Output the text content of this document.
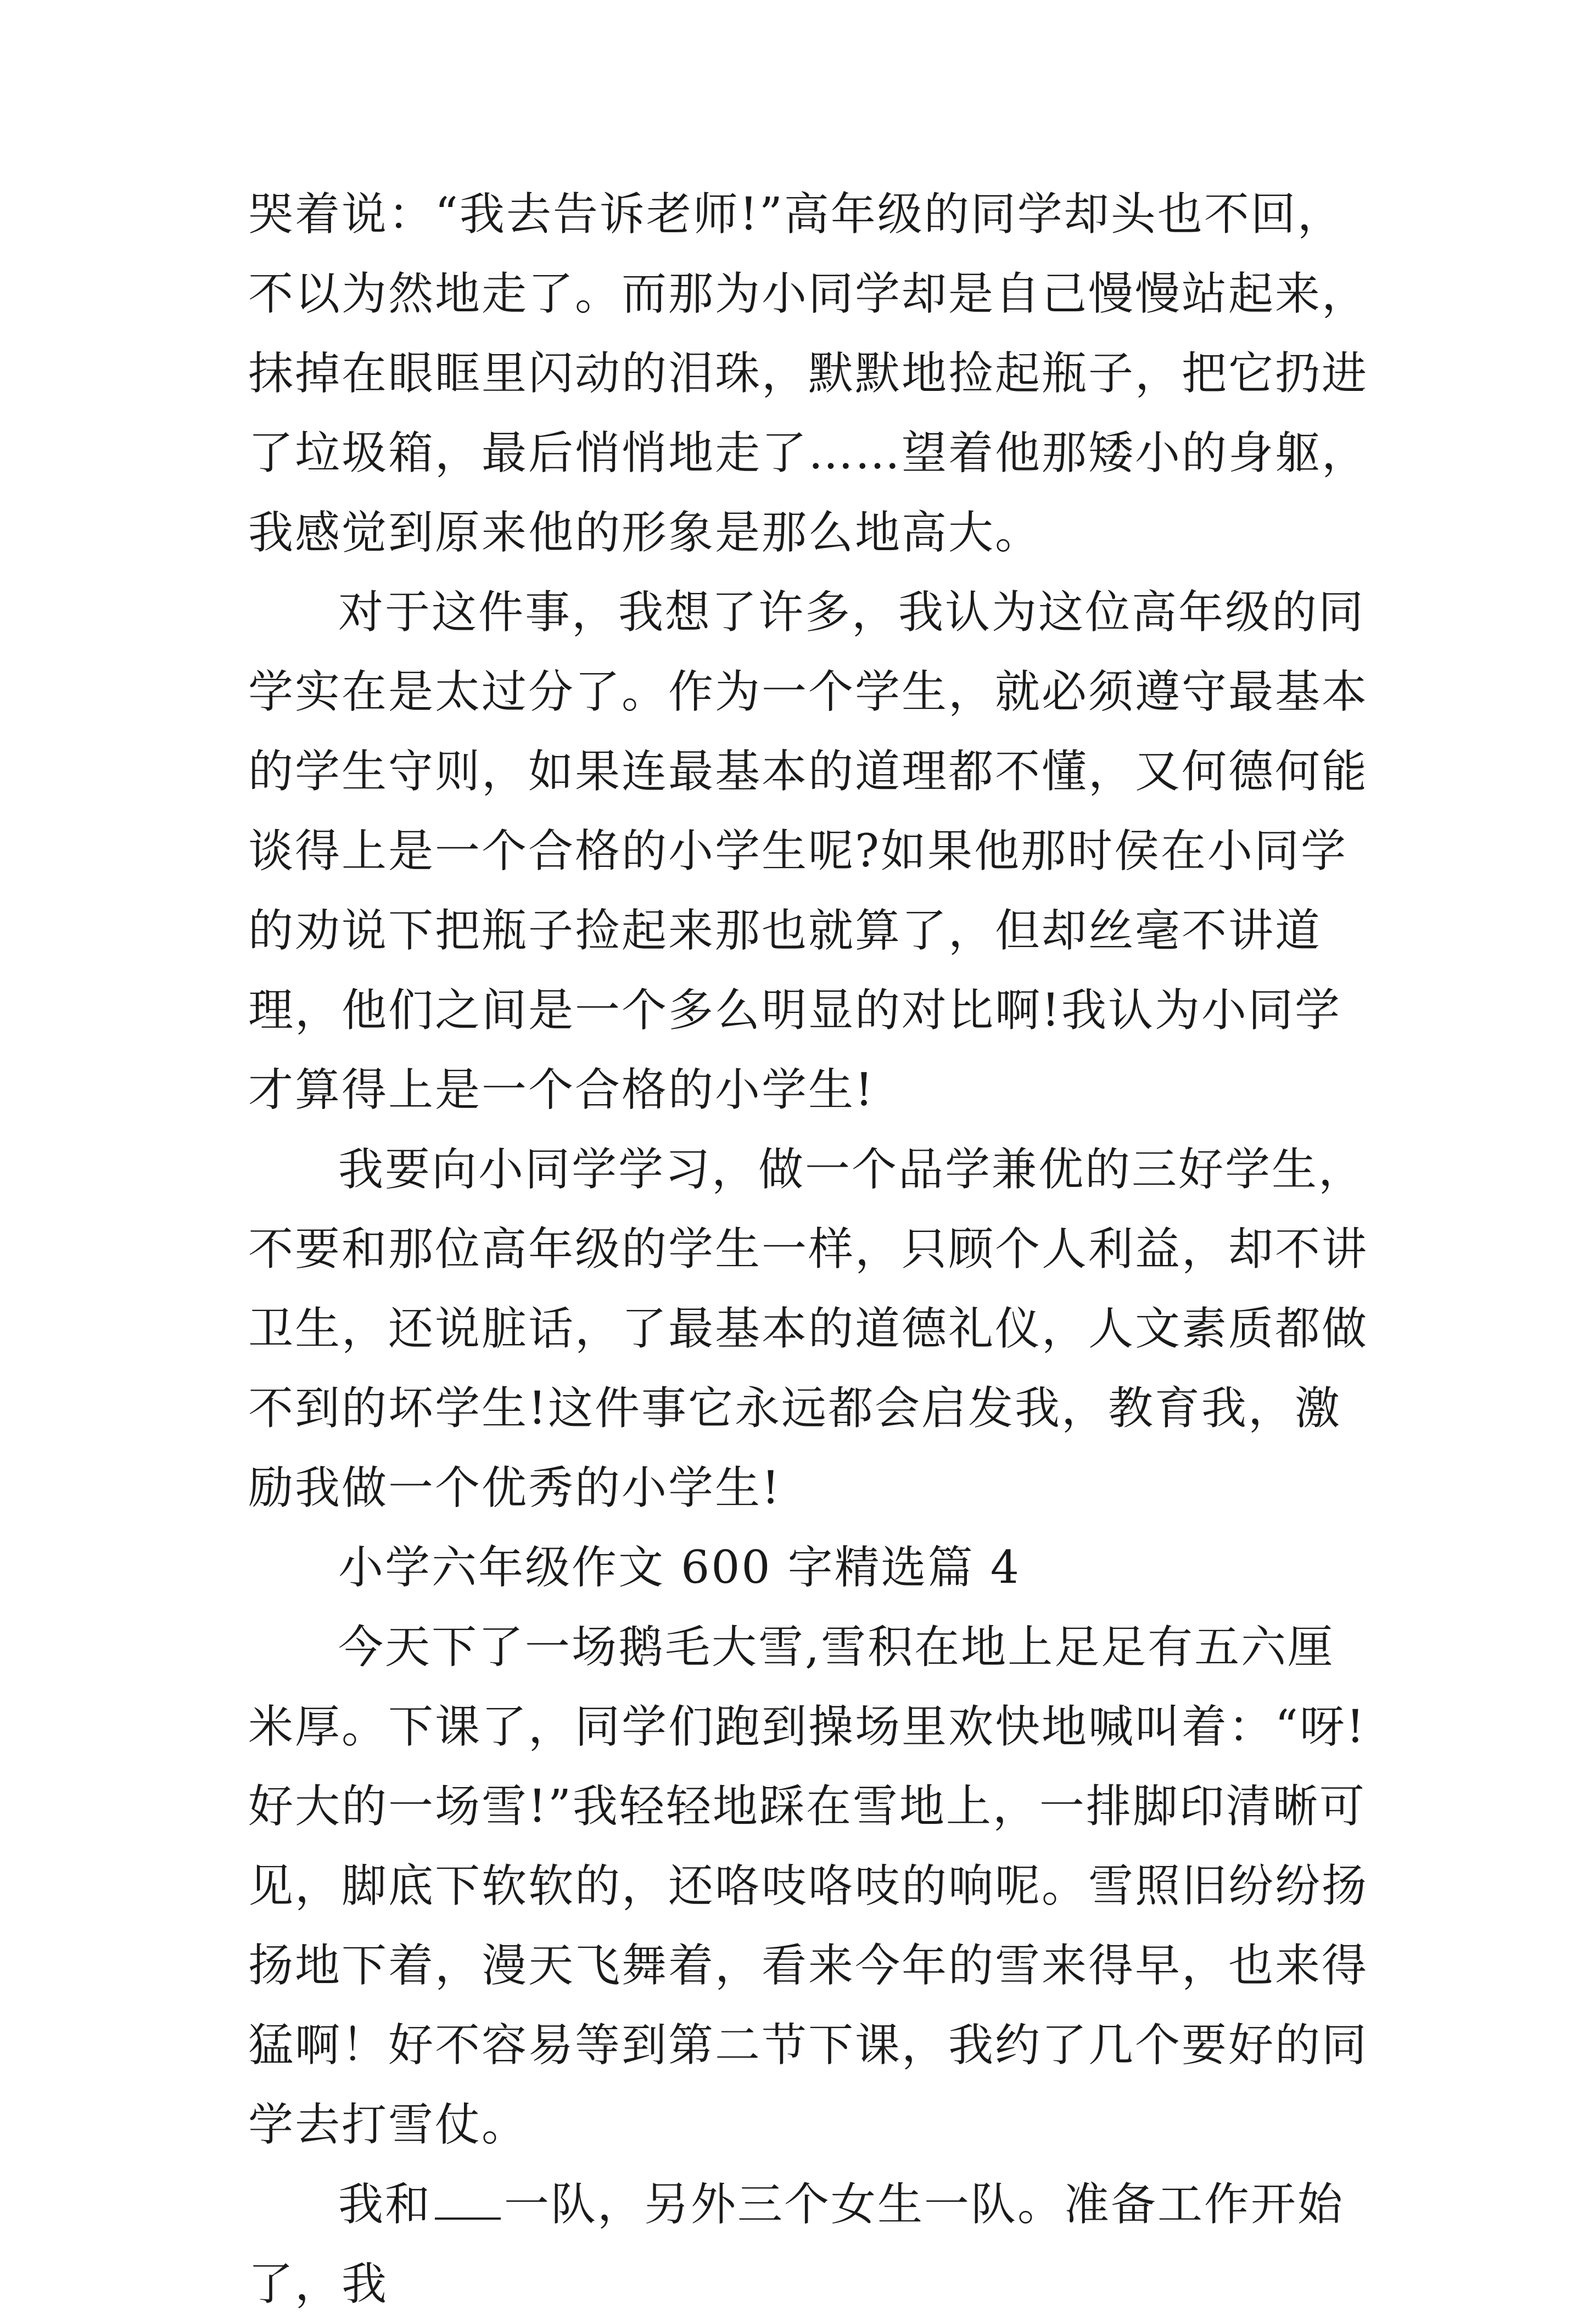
哭着说：“我去告诉老师!”高年级的同学却头也不回，不以为然地走了。而那为小同学却是自己慢慢站起来，抹掉在眼眶里闪动的泪珠，默默地捡起瓶子，把它扔进了垃圾箱，最后悄悄地走了……望着他那矮小的身躯，我感觉到原来他的形象是那么地高大。

对于这件事，我想了许多，我认为这位高年级的同学实在是太过分了。作为一个学生，就必须遵守最基本的学生守则，如果连最基本的道理都不懂，又何德何能谈得上是一个合格的小学生呢?如果他那时侯在小同学的劝说下把瓶子捡起来那也就算了，但却丝毫不讲道理，他们之间是一个多么明显的对比啊!我认为小同学才算得上是一个合格的小学生!

我要向小同学学习，做一个品学兼优的三好学生，不要和那位高年级的学生一样，只顾个人利益，却不讲卫生，还说脏话，了最基本的道德礼仪，人文素质都做不到的坏学生!这件事它永远都会启发我，教育我，激励我做一个优秀的小学生!

小学六年级作文 600 字精选篇 4

今天下了一场鹅毛大雪,雪积在地上足足有五六厘米厚。下课了，同学们跑到操场里欢快地喊叫着：“呀!好大的一场雪!”我轻轻地踩在雪地上，一排脚印清晰可见，脚底下软软的，还咯吱咯吱的响呢。雪照旧纷纷扬扬地下着，漫天飞舞着，看来今年的雪来得早，也来得猛啊！好不容易等到第二节下课，我约了几个要好的同学去打雪仗。

我和 一队，另外三个女生一队。准备工作开始了，我
